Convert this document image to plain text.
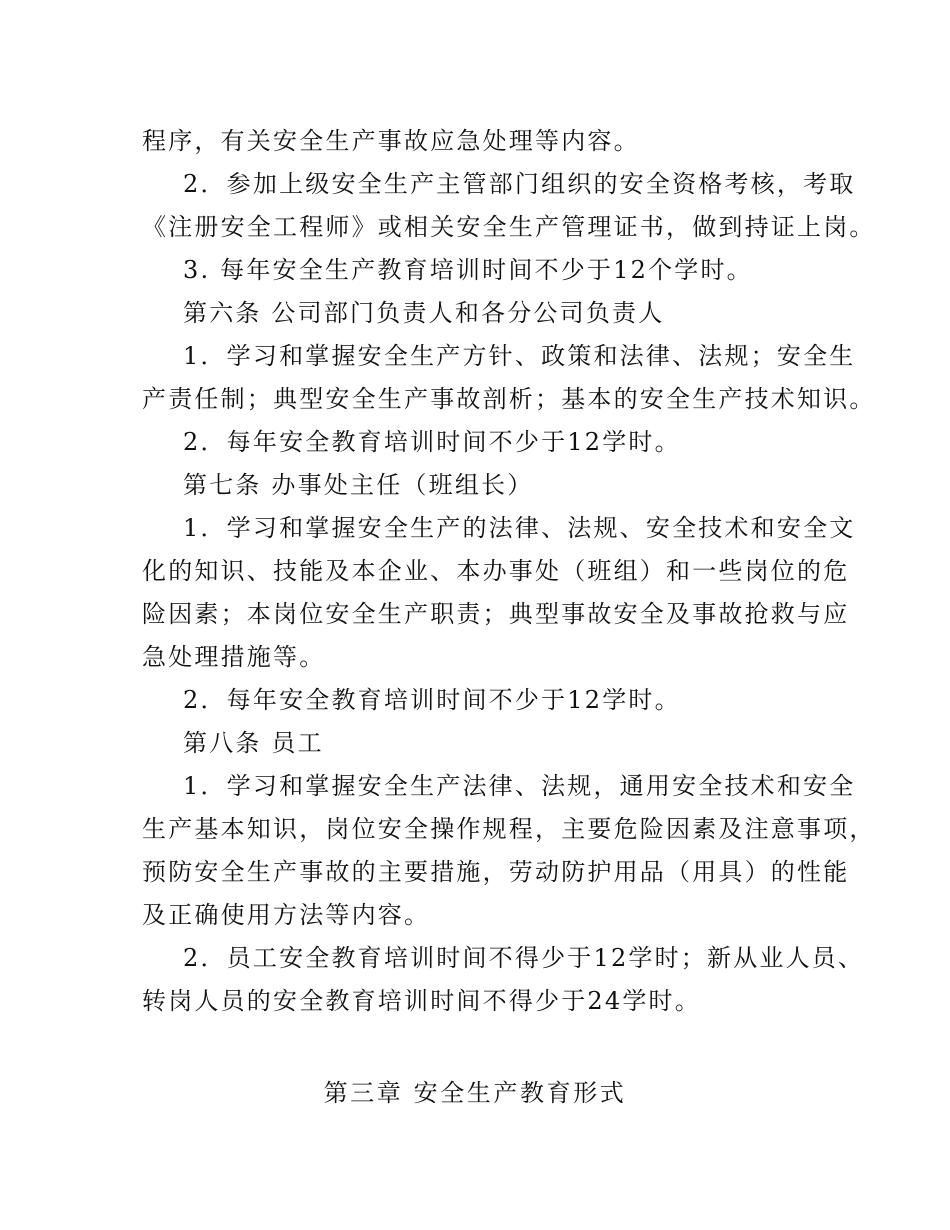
程序，有关安全生产事故应急处理等内容。
2．参加上级安全生产主管部门组织的安全资格考核，考取
《注册安全工程师》或相关安全生产管理证书，做到持证上岗。
3. 每年安全生产教育培训时间不少于12个学时。
第六条 公司部门负责人和各分公司负责人
1．学习和掌握安全生产方针、政策和法律、法规；安全生
产责任制；典型安全生产事故剖析；基本的安全生产技术知识。
2．每年安全教育培训时间不少于12学时。
第七条 办事处主任（班组长）
1．学习和掌握安全生产的法律、法规、安全技术和安全文
化的知识、技能及本企业、本办事处（班组）和一些岗位的危
险因素；本岗位安全生产职责；典型事故安全及事故抢救与应
急处理措施等。
2．每年安全教育培训时间不少于12学时。
第八条 员工
1．学习和掌握安全生产法律、法规，通用安全技术和安全
生产基本知识，岗位安全操作规程，主要危险因素及注意事项，
预防安全生产事故的主要措施，劳动防护用品（用具）的性能
及正确使用方法等内容。
2．员工安全教育培训时间不得少于12学时；新从业人员、
转岗人员的安全教育培训时间不得少于24学时。
第三章 安全生产教育形式
